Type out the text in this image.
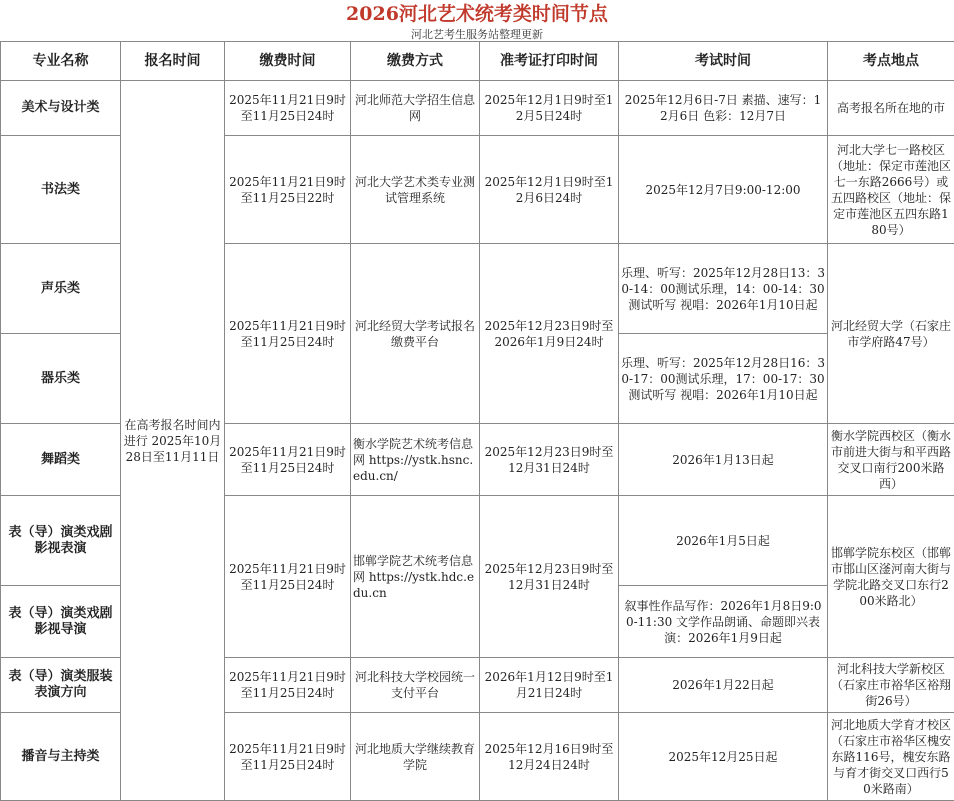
2026河北艺术统考类时间节点
河北艺考生服务站整理更新
专业名称	报名时间	缴费时间	缴费方式	准考证打印时间	考试时间	考点地点
美术与设计类	在高考报名时间内进行 2025年10月28日至11月11日	2025年11月21日9时至11月25日24时	河北师范大学招生信息网	2025年12月1日9时至12月5日24时	2025年12月6日-7日 素描、速写：12月6日 色彩：12月7日	高考报名所在地的市
书法类		2025年11月21日9时至11月25日22时	河北大学艺术类专业测试管理系统	2025年12月1日9时至12月6日24时	2025年12月7日9:00-12:00	河北大学七一路校区（地址：保定市莲池区七一东路2666号）或五四路校区（地址：保定市莲池区五四东路180号）
声乐类		2025年11月21日9时至11月25日24时	河北经贸大学考试报名缴费平台	2025年12月23日9时至2026年1月9日24时	乐理、听写：2025年12月28日13：30-14：00测试乐理，14：00-14：30测试听写 视唱：2026年1月10日起	河北经贸大学（石家庄市学府路47号）
器乐类					乐理、听写：2025年12月28日16：30-17：00测试乐理，17：00-17：30测试听写 视唱：2026年1月10日起	
舞蹈类		2025年11月21日9时至11月25日24时	衡水学院艺术统考信息网 https://ystk.hsnc.edu.cn/	2025年12月23日9时至12月31日24时	2026年1月13日起	衡水学院西校区（衡水市前进大街与和平西路交叉口南行200米路西）
表（导）演类戏剧影视表演		2025年11月21日9时至11月25日24时	邯郸学院艺术统考信息网 https://ystk.hdc.edu.cn	2025年12月23日9时至12月31日24时	2026年1月5日起	邯郸学院东校区（邯郸市邯山区滏河南大街与学院北路交叉口东行200米路北）
表（导）演类戏剧影视导演					叙事性作品写作：2026年1月8日9:00-11:30 文学作品朗诵、命题即兴表演：2026年1月9日起	
表（导）演类服装表演方向		2025年11月21日9时至11月25日24时	河北科技大学校园统一支付平台	2026年1月12日9时至1月21日24时	2026年1月22日起	河北科技大学新校区（石家庄市裕华区裕翔街26号）
播音与主持类		2025年11月21日9时至11月25日24时	河北地质大学继续教育学院	2025年12月16日9时至12月24日24时	2025年12月25日起	河北地质大学育才校区（石家庄市裕华区槐安东路116号，槐安东路与育才街交叉口西行50米路南）
